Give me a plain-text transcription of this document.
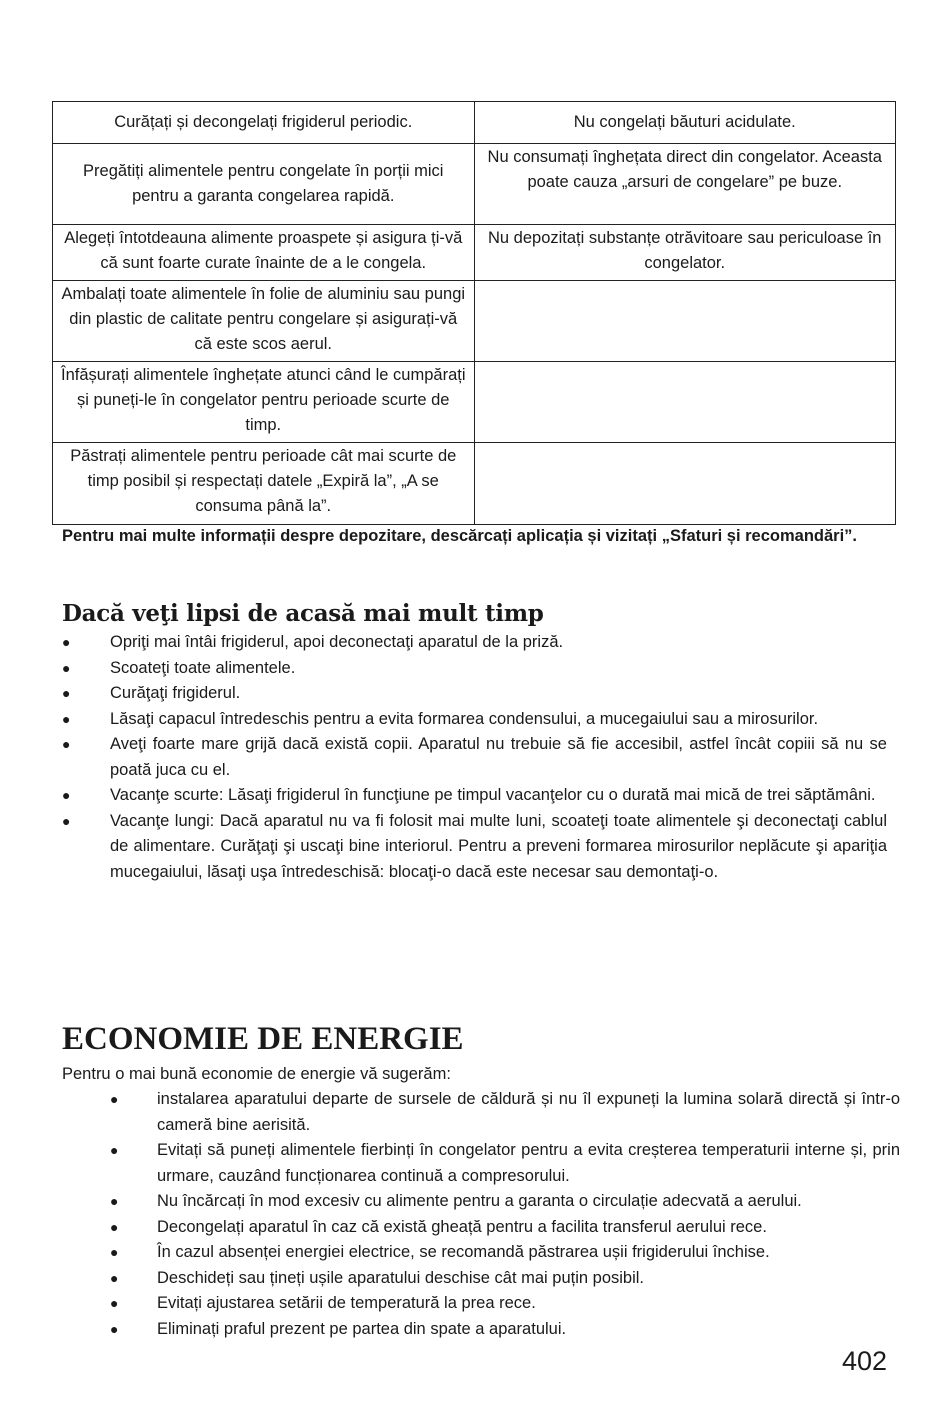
Curățați și decongelați frigiderul periodic.	Nu congelați băuturi acidulate.
Pregătiți alimentele pentru congelate în porții mici pentru a garanta congelarea rapidă.	Nu consumați înghețata direct din congelator. Aceasta poate cauza „arsuri de congelare” pe buze.
Alegeți întotdeauna alimente proaspete și asigura ți-vă că sunt foarte curate înainte de a le congela.	Nu depozitați substanțe otrăvitoare sau periculoase în congelator.
Ambalați toate alimentele în folie de aluminiu sau pungi din plastic de calitate pentru congelare și asigurați-vă că este scos aerul.	
Înfășurați alimentele înghețate atunci când le cumpărați și puneți-le în congelator pentru perioade scurte de timp.	
Păstrați alimentele pentru perioade cât mai scurte de timp posibil și respectați datele „Expiră la”, „A se consuma până la”.	

Pentru mai multe informații despre depozitare, descărcați aplicația și vizitați „Sfaturi și recomandări”.

Dacă veţi lipsi de acasă mai mult timp
● Opriţi mai întâi frigiderul, apoi deconectaţi aparatul de la priză.
● Scoateţi toate alimentele.
● Curăţaţi frigiderul.
● Lăsaţi capacul întredeschis pentru a evita formarea condensului, a mucegaiului sau a mirosurilor.
● Aveţi foarte mare grijă dacă există copii. Aparatul nu trebuie să fie accesibil, astfel încât copiii să nu se poată juca cu el.
● Vacanţe scurte: Lăsaţi frigiderul în funcţiune pe timpul vacanţelor cu o durată mai mică de trei săptămâni.
● Vacanţe lungi: Dacă aparatul nu va fi folosit mai multe luni, scoateţi toate alimentele şi deconectaţi cablul de alimentare. Curăţaţi şi uscaţi bine interiorul. Pentru a preveni formarea mirosurilor neplăcute şi apariţia mucegaiului, lăsaţi uşa întredeschisă: blocaţi-o dacă este necesar sau demontaţi-o.
ECONOMIE DE ENERGIE
Pentru o mai bună economie de energie vă sugerăm:
● instalarea aparatului departe de sursele de căldură și nu îl expuneți la lumina solară directă și într-o cameră bine aerisită.
● Evitați să puneți alimentele fierbinți în congelator pentru a evita creșterea temperaturii interne și, prin urmare, cauzând funcționarea continuă a compresorului.
● Nu încărcați în mod excesiv cu alimente pentru a garanta o circulație adecvată a aerului.
● Decongelați aparatul în caz că există gheață pentru a facilita transferul aerului rece.
● În cazul absenței energiei electrice, se recomandă păstrarea ușii frigiderului închise.
● Deschideți sau țineți ușile aparatului deschise cât mai puțin posibil.
● Evitați ajustarea setării de temperatură la prea rece.
● Eliminați praful prezent pe partea din spate a aparatului.
402
